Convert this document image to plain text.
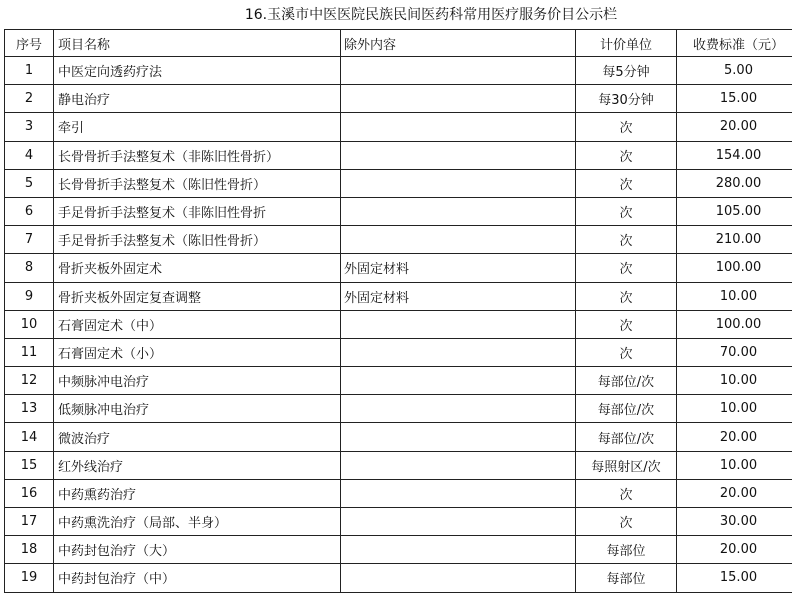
16.玉溪市中医医院民族民间医药科常用医疗服务价目公示栏
序号	项目名称	除外内容	计价单位	收费标准（元）
1	中医定向透药疗法		每5分钟	5.00
2	静电治疗		每30分钟	15.00
3	牵引		次	20.00
4	长骨骨折手法整复术（非陈旧性骨折）		次	154.00
5	长骨骨折手法整复术（陈旧性骨折）		次	280.00
6	手足骨折手法整复术（非陈旧性骨折		次	105.00
7	手足骨折手法整复术（陈旧性骨折）		次	210.00
8	骨折夹板外固定术	外固定材料	次	100.00
9	骨折夹板外固定复查调整	外固定材料	次	10.00
10	石膏固定术（中）		次	100.00
11	石膏固定术（小）		次	70.00
12	中频脉冲电治疗		每部位/次	10.00
13	低频脉冲电治疗		每部位/次	10.00
14	微波治疗		每部位/次	20.00
15	红外线治疗		每照射区/次	10.00
16	中药熏药治疗		次	20.00
17	中药熏洗治疗（局部、半身）		次	30.00
18	中药封包治疗（大）		每部位	20.00
19	中药封包治疗（中）		每部位	15.00
